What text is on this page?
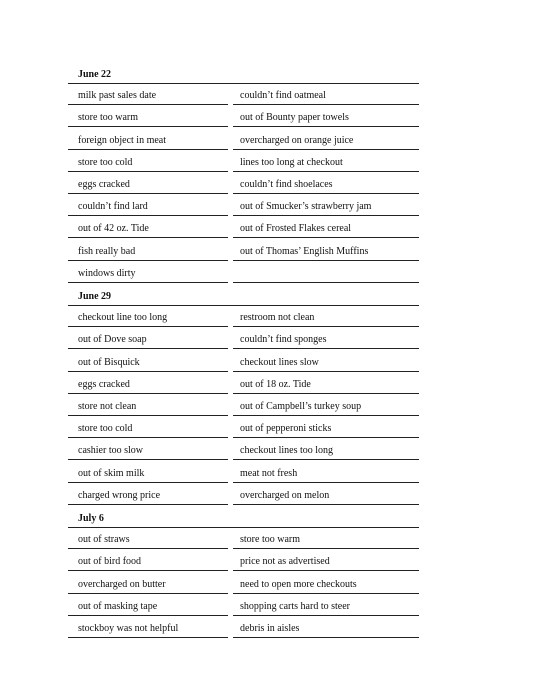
June 22
milk past sales date	couldn’t find oatmeal
store too warm	out of Bounty paper towels
foreign object in meat	overcharged on orange juice
store too cold	lines too long at checkout
eggs cracked	couldn’t find shoelaces
couldn’t find lard	out of Smucker’s strawberry jam
out of 42 oz. Tide	out of Frosted Flakes cereal
fish really bad	out of Thomas’ English Muffins
windows dirty
June 29
checkout line too long	restroom not clean
out of Dove soap	couldn’t find sponges
out of Bisquick	checkout lines slow
eggs cracked	out of 18 oz. Tide
store not clean	out of Campbell’s turkey soup
store too cold	out of pepperoni sticks
cashier too slow	checkout lines too long
out of skim milk	meat not fresh
charged wrong price	overcharged on melon
July 6
out of straws	store too warm
out of bird food	price not as advertised
overcharged on butter	need to open more checkouts
out of masking tape	shopping carts hard to steer
stockboy was not helpful	debris in aisles
